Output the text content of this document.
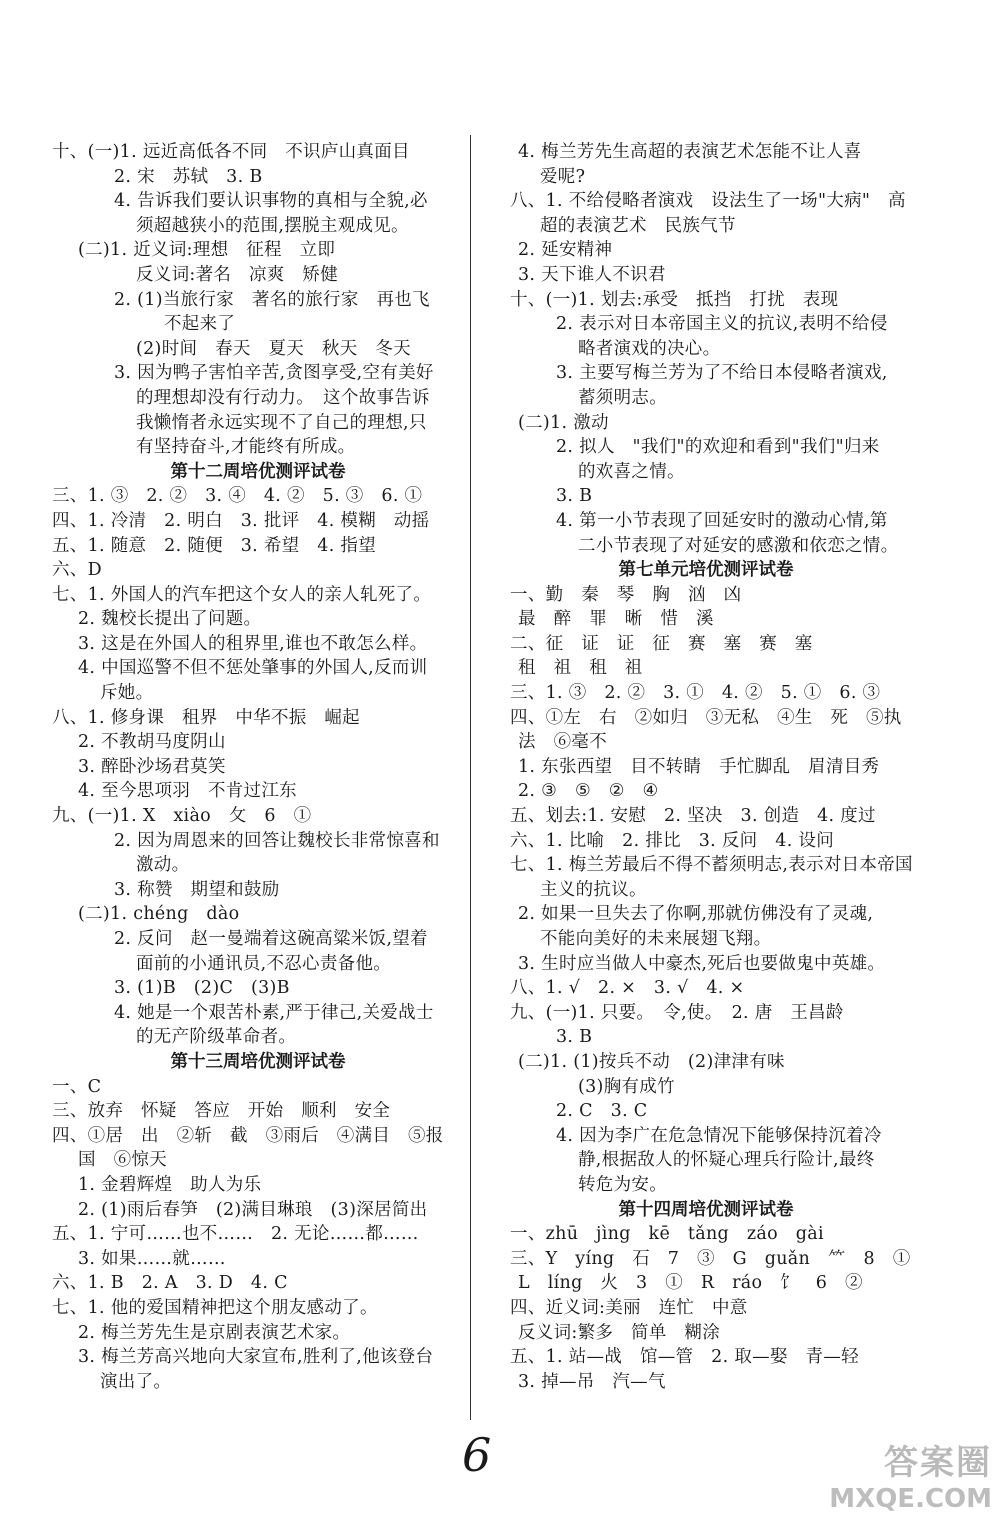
十、(一)1. 远近高低各不同　不识庐山真面目
2. 宋　苏轼　3. B
4. 告诉我们要认识事物的真相与全貌,必
须超越狭小的范围,摆脱主观成见。
(二)1. 近义词:理想　征程　立即
反义词:著名　凉爽　矫健
2. (1)当旅行家　著名的旅行家　再也飞
不起来了
(2)时间　春天　夏天　秋天　冬天
3. 因为鸭子害怕辛苦,贪图享受,空有美好
的理想却没有行动力。　这个故事告诉
我懒惰者永远实现不了自己的理想,只
有坚持奋斗,才能终有所成。
第十二周培优测评试卷
三、1. ③　2. ②　3. ④　4. ②　5. ③　6. ①
四、1. 冷清　2. 明白　3. 批评　4. 模糊　动摇
五、1. 随意　2. 随便　3. 希望　4. 指望
六、D
七、1. 外国人的汽车把这个女人的亲人轧死了。
2. 魏校长提出了问题。
3. 这是在外国人的租界里,谁也不敢怎么样。
4. 中国巡警不但不惩处肇事的外国人,反而训
斥她。
八、1. 修身课　租界　中华不振　崛起
2. 不教胡马度阴山
3. 醉卧沙场君莫笑
4. 至今思项羽　不肯过江东
九、(一)1. X　xiào　攵　6　①
2. 因为周恩来的回答让魏校长非常惊喜和
激动。
3. 称赞　期望和鼓励
(二)1. chéng　dào
2. 反问　赵一曼端着这碗高粱米饭,望着
面前的小通讯员,不忍心责备他。
3. (1)B　(2)C　(3)B
4. 她是一个艰苦朴素,严于律己,关爱战士
的无产阶级革命者。
第十三周培优测评试卷
一、C
三、放弃　怀疑　答应　开始　顺利　安全
四、①居　出　②斩　截　③雨后　④满目　⑤报
国　⑥惊天
1. 金碧辉煌　助人为乐
2. (1)雨后春笋　(2)满目琳琅　(3)深居简出
五、1. 宁可……也不……　2. 无论……都……
3. 如果……就……
六、1. B　2. A　3. D　4. C
七、1. 他的爱国精神把这个朋友感动了。
2. 梅兰芳先生是京剧表演艺术家。
3. 梅兰芳高兴地向大家宣布,胜利了,他该登台
演出了。
4. 梅兰芳先生高超的表演艺术怎能不让人喜
爱呢?
八、1. 不给侵略者演戏　设法生了一场"大病"　高
超的表演艺术　民族气节
2. 延安精神
3. 天下谁人不识君
十、(一)1. 划去:承受　抵挡　打扰　表现
2. 表示对日本帝国主义的抗议,表明不给侵
略者演戏的决心。
3. 主要写梅兰芳为了不给日本侵略者演戏,
蓄须明志。
(二)1. 激动
2. 拟人　"我们"的欢迎和看到"我们"归来
的欢喜之情。
3. B
4. 第一小节表现了回延安时的激动心情,第
二小节表现了对延安的感激和依恋之情。
第七单元培优测评试卷
一、勤　秦　琴　胸　汹　凶
最　醉　罪　晰　惜　溪
二、征　证　证　征　赛　塞　赛　塞
租　祖　租　祖
三、1. ③　2. ②　3. ①　4. ②　5. ①　6. ③
四、①左　右　②如归　③无私　④生　死　⑤执
法　⑥毫不
1. 东张西望　目不转睛　手忙脚乱　眉清目秀
2. ③　⑤　②　④
五、划去:1. 安慰　2. 坚决　3. 创造　4. 度过
六、1. 比喻　2. 排比　3. 反问　4. 设问
七、1. 梅兰芳最后不得不蓄须明志,表示对日本帝国
主义的抗议。
2. 如果一旦失去了你啊,那就仿佛没有了灵魂,
不能向美好的未来展翅飞翔。
3. 生时应当做人中豪杰,死后也要做鬼中英雄。
八、1. √　2. ×　3. √　4. ×
九、(一)1. 只要。　令,使。　2. 唐　王昌龄
3. B
(二)1. (1)按兵不动　(2)津津有味
(3)胸有成竹
2. C　3. C
4. 因为李广在危急情况下能够保持沉着冷
静,根据敌人的怀疑心理兵行险计,最终
转危为安。
第十四周培优测评试卷
一、zhū　jìng　kē　tǎng　záo　gài
三、Y　yíng　石　7　③　G　guǎn　⺮　8　①
L　líng　火　3　①　R　ráo　饣　6　②
四、近义词:美丽　连忙　中意
反义词:繁多　简单　糊涂
五、1. 站—战　馆—管　2. 取—娶　青—轻
3. 掉—吊　汽—气
6	答案圈
MXQE.COM
